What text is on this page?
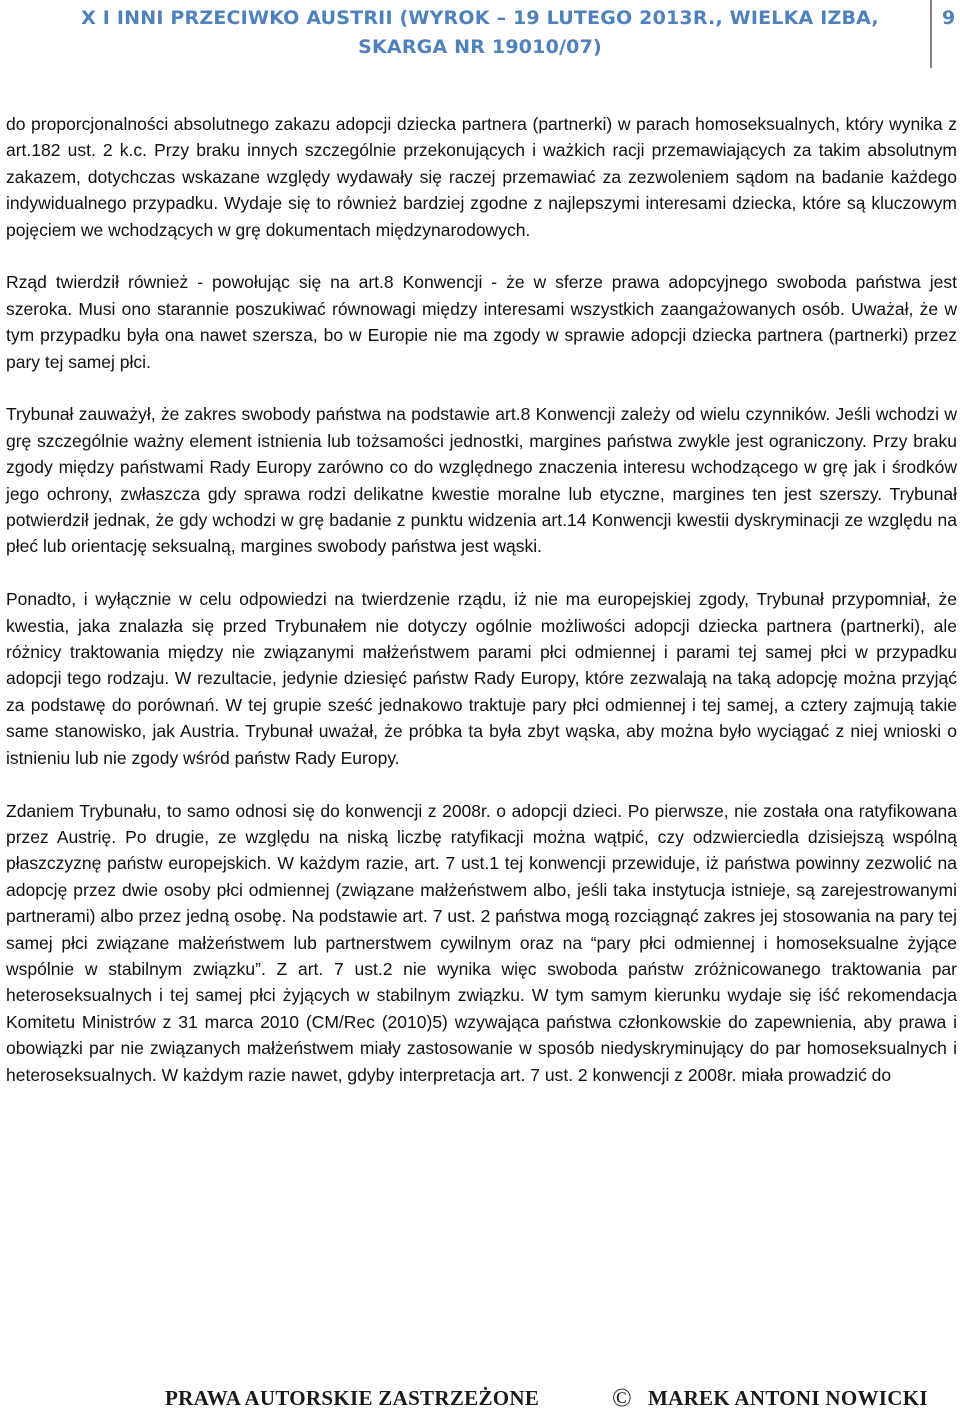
X I INNI PRZECIWKO AUSTRII (WYROK – 19 LUTEGO 2013R., WIELKA IZBA, SKARGA NR 19010/07)
9

do proporcjonalności absolutnego zakazu adopcji dziecka partnera (partnerki) w parach homoseksualnych, który wynika z art.182 ust. 2 k.c. Przy braku innych szczególnie przekonujących i ważkich racji przemawiających za takim absolutnym zakazem, dotychczas wskazane względy wydawały się raczej przemawiać za zezwoleniem sądom na badanie każdego indywidualnego przypadku. Wydaje się to również bardziej zgodne z najlepszymi interesami dziecka, które są kluczowym pojęciem we wchodzących w grę dokumentach międzynarodowych.

Rząd twierdził również - powołując się na art.8 Konwencji - że w sferze prawa adopcyjnego swoboda państwa jest szeroka. Musi ono starannie poszukiwać równowagi między interesami wszystkich zaangażowanych osób. Uważał, że w tym przypadku była ona nawet szersza, bo w Europie nie ma zgody w sprawie adopcji dziecka partnera (partnerki) przez pary tej samej płci.

Trybunał zauważył, że zakres swobody państwa na podstawie art.8 Konwencji zależy od wielu czynników. Jeśli wchodzi w grę szczególnie ważny element istnienia lub tożsamości jednostki, margines państwa zwykle jest ograniczony. Przy braku zgody między państwami Rady Europy zarówno co do względnego znaczenia interesu wchodzącego w grę jak i środków jego ochrony, zwłaszcza gdy sprawa rodzi delikatne kwestie moralne lub etyczne, margines ten jest szerszy. Trybunał potwierdził jednak, że gdy wchodzi w grę badanie z punktu widzenia art.14 Konwencji kwestii dyskryminacji ze względu na płeć lub orientację seksualną, margines swobody państwa jest wąski.

Ponadto, i wyłącznie w celu odpowiedzi na twierdzenie rządu, iż nie ma europejskiej zgody, Trybunał przypomniał, że kwestia, jaka znalazła się przed Trybunałem nie dotyczy ogólnie możliwości adopcji dziecka partnera (partnerki), ale różnicy traktowania między nie związanymi małżeństwem parami płci odmiennej i parami tej samej płci w przypadku adopcji tego rodzaju. W rezultacie, jedynie dziesięć państw Rady Europy, które zezwalają na taką adopcję można przyjąć za podstawę do porównań. W tej grupie sześć jednakowo traktuje pary płci odmiennej i tej samej, a cztery zajmują takie same stanowisko, jak Austria. Trybunał uważał, że próbka ta była zbyt wąska, aby można było wyciągać z niej wnioski o istnieniu lub nie zgody wśród państw Rady Europy.

Zdaniem Trybunału, to samo odnosi się do konwencji z 2008r. o adopcji dzieci. Po pierwsze, nie została ona ratyfikowana przez Austrię. Po drugie, ze względu na niską liczbę ratyfikacji można wątpić, czy odzwierciedla dzisiejszą wspólną płaszczyznę państw europejskich. W każdym razie, art. 7 ust.1 tej konwencji przewiduje, iż państwa powinny zezwolić na adopcję przez dwie osoby płci odmiennej (związane małżeństwem albo, jeśli taka instytucja istnieje, są zarejestrowanymi partnerami) albo przez jedną osobę. Na podstawie art. 7 ust. 2 państwa mogą rozciągnąć zakres jej stosowania na pary tej samej płci związane małżeństwem lub partnerstwem cywilnym oraz na “pary płci odmiennej i homoseksualne żyjące wspólnie w stabilnym związku”. Z art. 7 ust.2 nie wynika więc swoboda państw zróżnicowanego traktowania par heteroseksualnych i tej samej płci żyjących w stabilnym związku. W tym samym kierunku wydaje się iść rekomendacja Komitetu Ministrów z 31 marca 2010 (CM/Rec (2010)5) wzywająca państwa członkowskie do zapewnienia, aby prawa i obowiązki par nie związanych małżeństwem miały zastosowanie w sposób niedyskryminujący do par homoseksualnych i heteroseksualnych. W każdym razie nawet, gdyby interpretacja art. 7 ust. 2 konwencji z 2008r. miała prowadzić do

PRAWA AUTORSKIE ZASTRZEŻONE	© MAREK ANTONI NOWICKI
